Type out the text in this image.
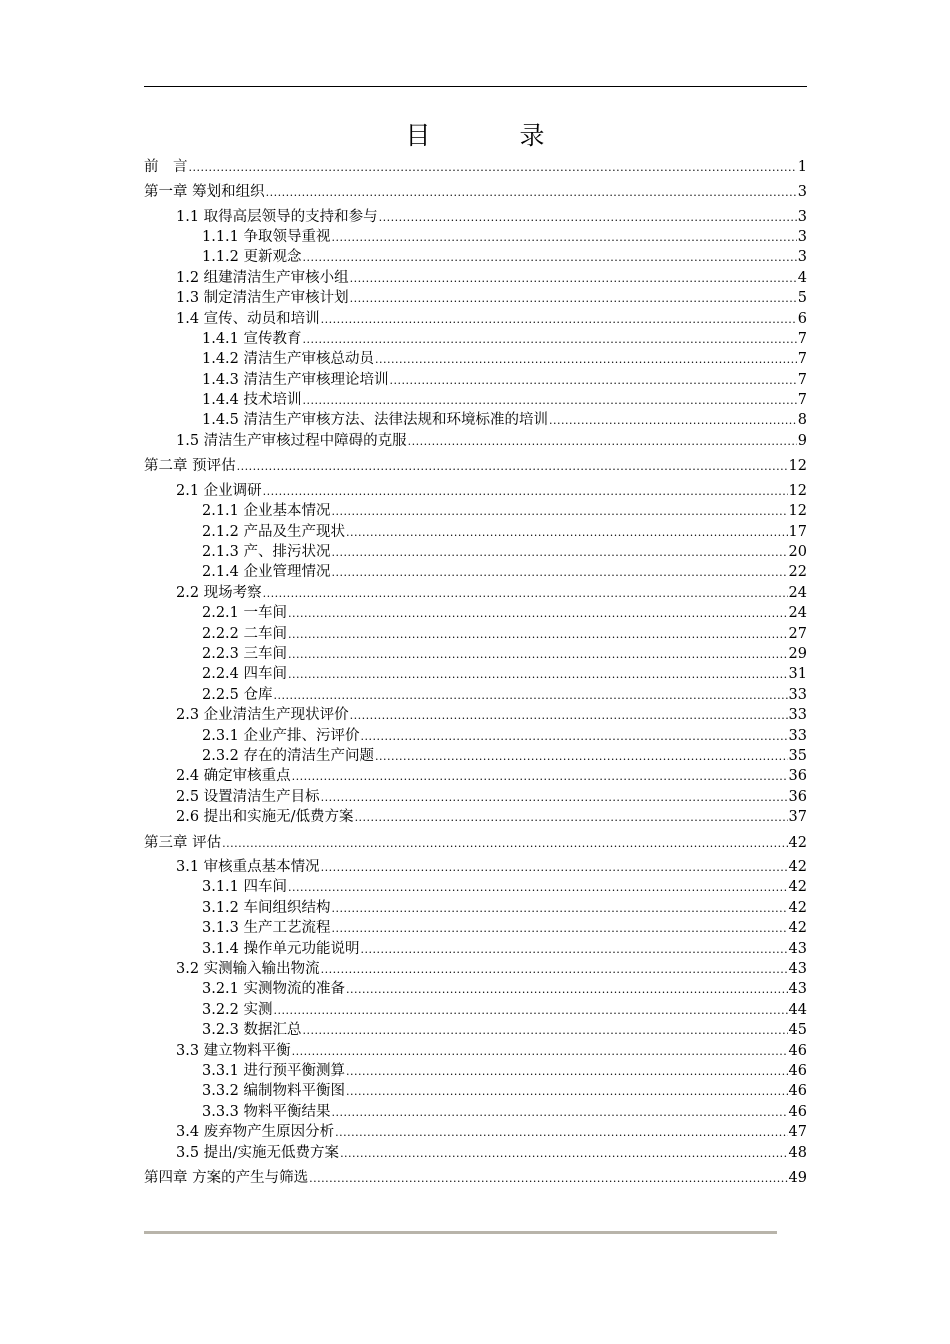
目　录
前　言 .....	1
第一章 筹划和组织 .....	3
1.1 取得高层领导的支持和参与 .....	3
1.1.1 争取领导重视 .....	3
1.1.2 更新观念 .....	3
1.2 组建清洁生产审核小组 .....	4
1.3 制定清洁生产审核计划 .....	5
1.4 宣传、动员和培训 .....	6
1.4.1 宣传教育 .....	7
1.4.2 清洁生产审核总动员 .....	7
1.4.3 清洁生产审核理论培训 .....	7
1.4.4 技术培训 .....	7
1.4.5 清洁生产审核方法、法律法规和环境标准的培训 .....	8
1.5 清洁生产审核过程中障碍的克服 .....	9
第二章 预评估 .....	12
2.1 企业调研 .....	12
2.1.1 企业基本情况 .....	12
2.1.2 产品及生产现状 .....	17
2.1.3 产、排污状况 .....	20
2.1.4 企业管理情况 .....	22
2.2 现场考察 .....	24
2.2.1 一车间 .....	24
2.2.2 二车间 .....	27
2.2.3 三车间 .....	29
2.2.4 四车间 .....	31
2.2.5 仓库 .....	33
2.3 企业清洁生产现状评价 .....	33
2.3.1 企业产排、污评价 .....	33
2.3.2 存在的清洁生产问题 .....	35
2.4 确定审核重点 .....	36
2.5 设置清洁生产目标 .....	36
2.6 提出和实施无/低费方案 .....	37
第三章 评估 .....	42
3.1 审核重点基本情况 .....	42
3.1.1 四车间 .....	42
3.1.2 车间组织结构 .....	42
3.1.3 生产工艺流程 .....	42
3.1.4 操作单元功能说明 .....	43
3.2 实测输入输出物流 .....	43
3.2.1 实测物流的准备 .....	43
3.2.2 实测 .....	44
3.2.3 数据汇总 .....	45
3.3 建立物料平衡 .....	46
3.3.1 进行预平衡测算 .....	46
3.3.2 编制物料平衡图 .....	46
3.3.3 物料平衡结果 .....	46
3.4 废弃物产生原因分析 .....	47
3.5 提出/实施无低费方案 .....	48
第四章 方案的产生与筛选 .....	49
